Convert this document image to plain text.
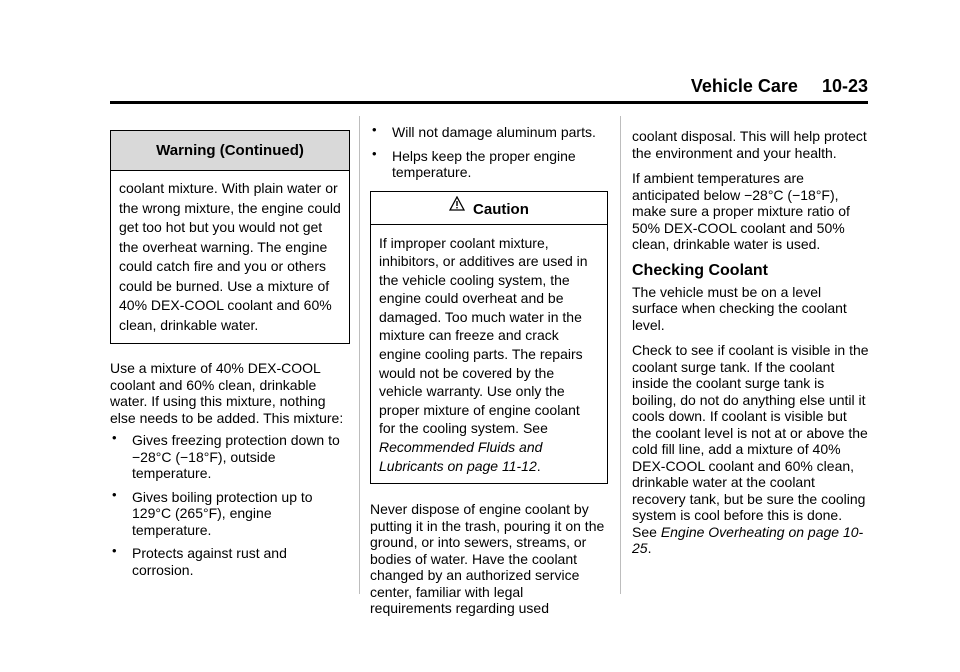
Vehicle Care 10-23
Warning (Continued)
coolant mixture. With plain water or the wrong mixture, the engine could get too hot but you would not get the overheat warning. The engine could catch fire and you or others could be burned. Use a mixture of 40% DEX-COOL coolant and 60% clean, drinkable water.

Use a mixture of 40% DEX-COOL coolant and 60% clean, drinkable water. If using this mixture, nothing else needs to be added. This mixture:

• Gives freezing protection down to −28°C (−18°F), outside temperature.
• Gives boiling protection up to 129°C (265°F), engine temperature.
• Protects against rust and corrosion.
• Will not damage aluminum parts.
• Helps keep the proper engine temperature.
Caution
If improper coolant mixture, inhibitors, or additives are used in the vehicle cooling system, the engine could overheat and be damaged. Too much water in the mixture can freeze and crack engine cooling parts. The repairs would not be covered by the vehicle warranty. Use only the proper mixture of engine coolant for the cooling system. See Recommended Fluids and Lubricants on page 11-12.

Never dispose of engine coolant by putting it in the trash, pouring it on the ground, or into sewers, streams, or bodies of water. Have the coolant changed by an authorized service center, familiar with legal requirements regarding used

coolant disposal. This will help protect the environment and your health.

If ambient temperatures are anticipated below −28°C (−18°F), make sure a proper mixture ratio of 50% DEX-COOL coolant and 50% clean, drinkable water is used.

Checking Coolant

The vehicle must be on a level surface when checking the coolant level.

Check to see if coolant is visible in the coolant surge tank. If the coolant inside the coolant surge tank is boiling, do not do anything else until it cools down. If coolant is visible but the coolant level is not at or above the cold fill line, add a mixture of 40% DEX-COOL coolant and 60% clean, drinkable water at the coolant recovery tank, but be sure the cooling system is cool before this is done. See Engine Overheating on page 10-25.
